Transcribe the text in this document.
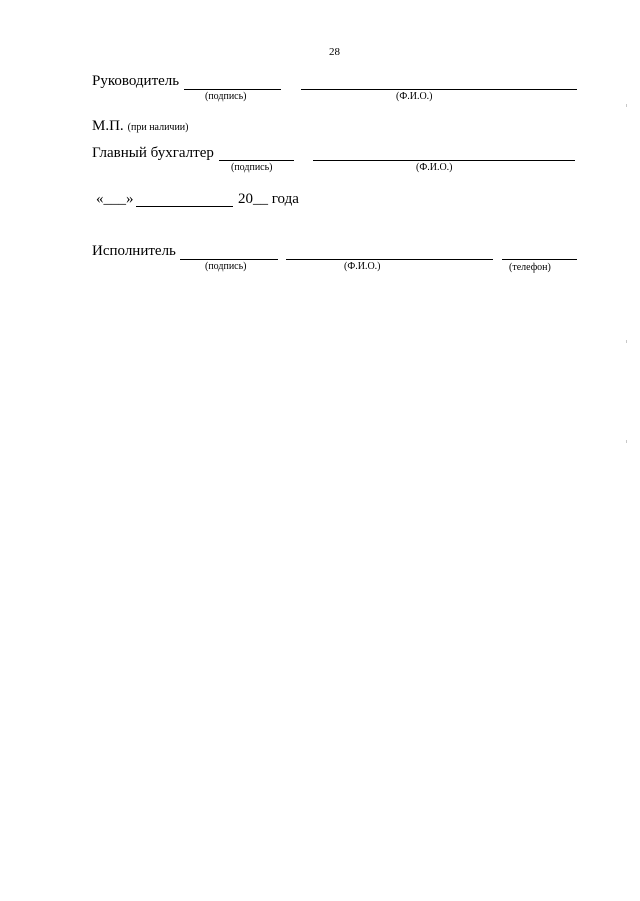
28
Руководитель
(подпись)	(Ф.И.О.)
М.П. (при наличии)
Главный бухгалтер
(подпись)	(Ф.И.О.)
«___»	20__ года
Исполнитель
(подпись)	(Ф.И.О.)	(телефон)
